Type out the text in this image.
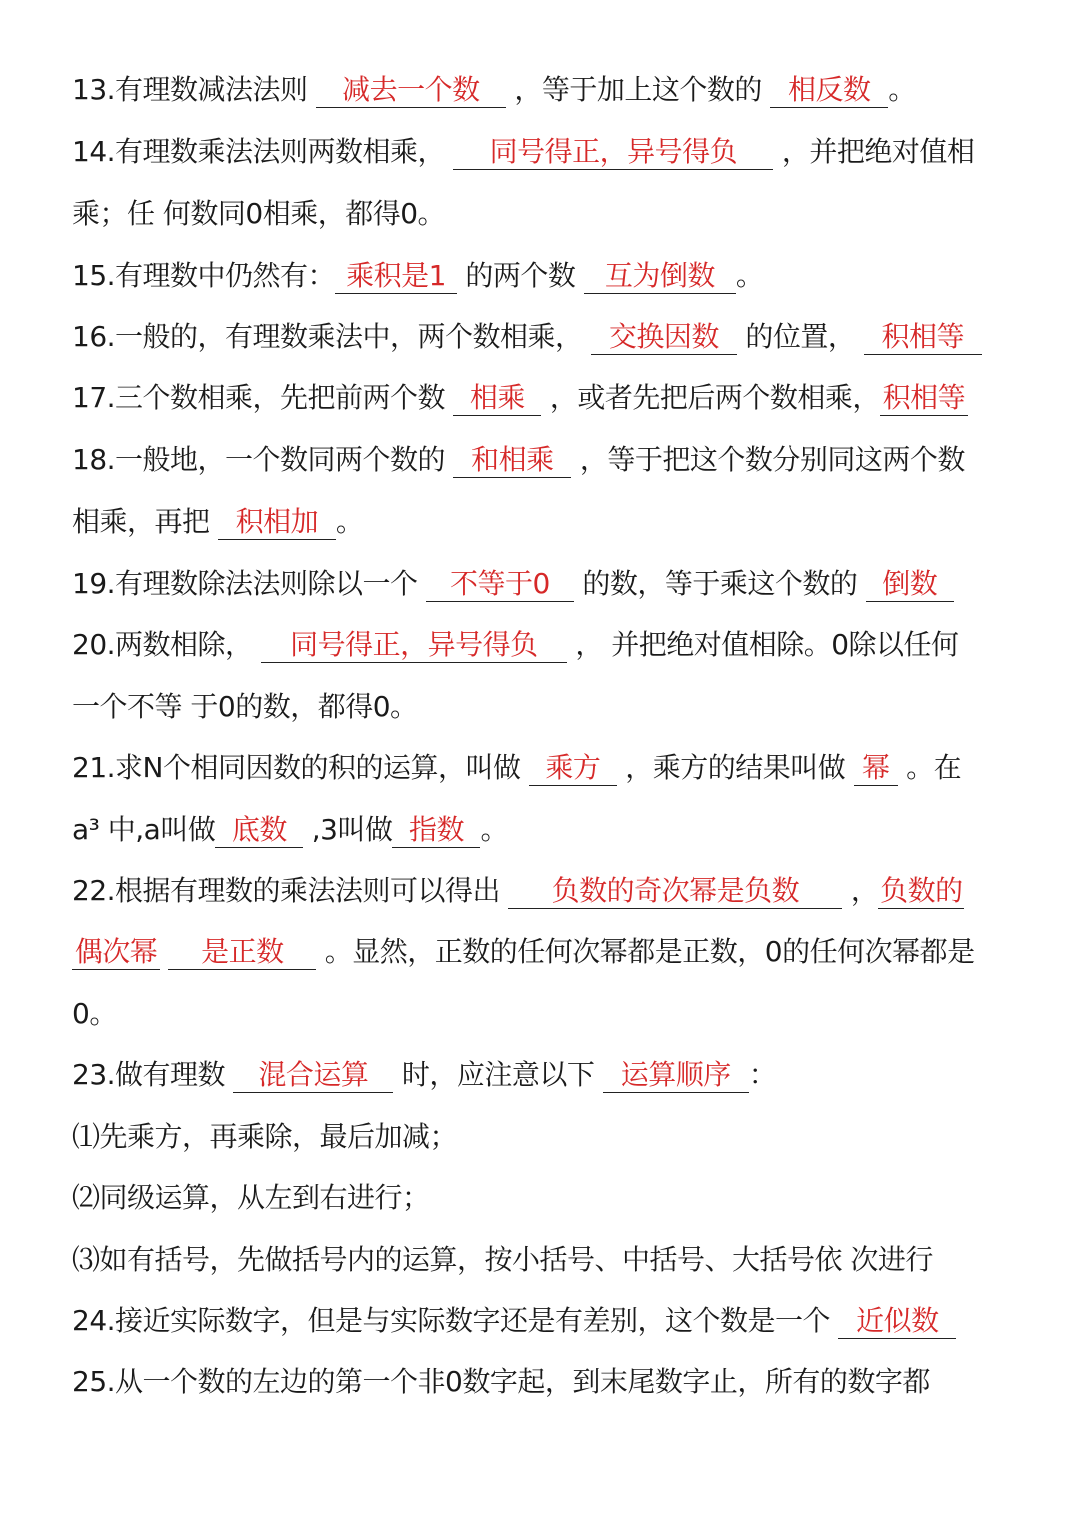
13.有理数减法法则 减去一个数 ，等于加上这个数的 相反数 。
14.有理数乘法法则两数相乘， 同号得正，异号得负 ，并把绝对值相
乘；任 何数同0相乘，都得0。
15.有理数中仍然有： 乘积是1 的两个数 互为倒数 。
16.一般的，有理数乘法中，两个数相乘， 交换因数 的位置， 积相等
17.三个数相乘，先把前两个数 相乘 ，或者先把后两个数相乘，积相等
18.一般地，一个数同两个数的 和相乘 ，等于把这个数分别同这两个数
相乘，再把 积相加 。
19.有理数除法法则除以一个 不等于0 的数，等于乘这个数的 倒数
20.两数相除， 同号得正，异号得负 ， 并把绝对值相除。0除以任何
一个不等 于0的数，都得0。
21.求N个相同因数的积的运算，叫做 乘方 ，乘方的结果叫做 幂 。在
a³ 中,a叫做 底数 ,3叫做 指数 。
22.根据有理数的乘法法则可以得出 负数的奇次幂是负数 ，负数的
偶次幂 是正数 。显然，正数的任何次幂都是正数，0的任何次幂都是
0。
23.做有理数 混合运算 时，应注意以下 运算顺序 ：
⑴先乘方，再乘除，最后加减；
⑵同级运算，从左到右进行；
⑶如有括号，先做括号内的运算，按小括号、中括号、大括号依 次进行
24.接近实际数字，但是与实际数字还是有差别，这个数是一个 近似数
25.从一个数的左边的第一个非0数字起，到末尾数字止，所有的数字都
